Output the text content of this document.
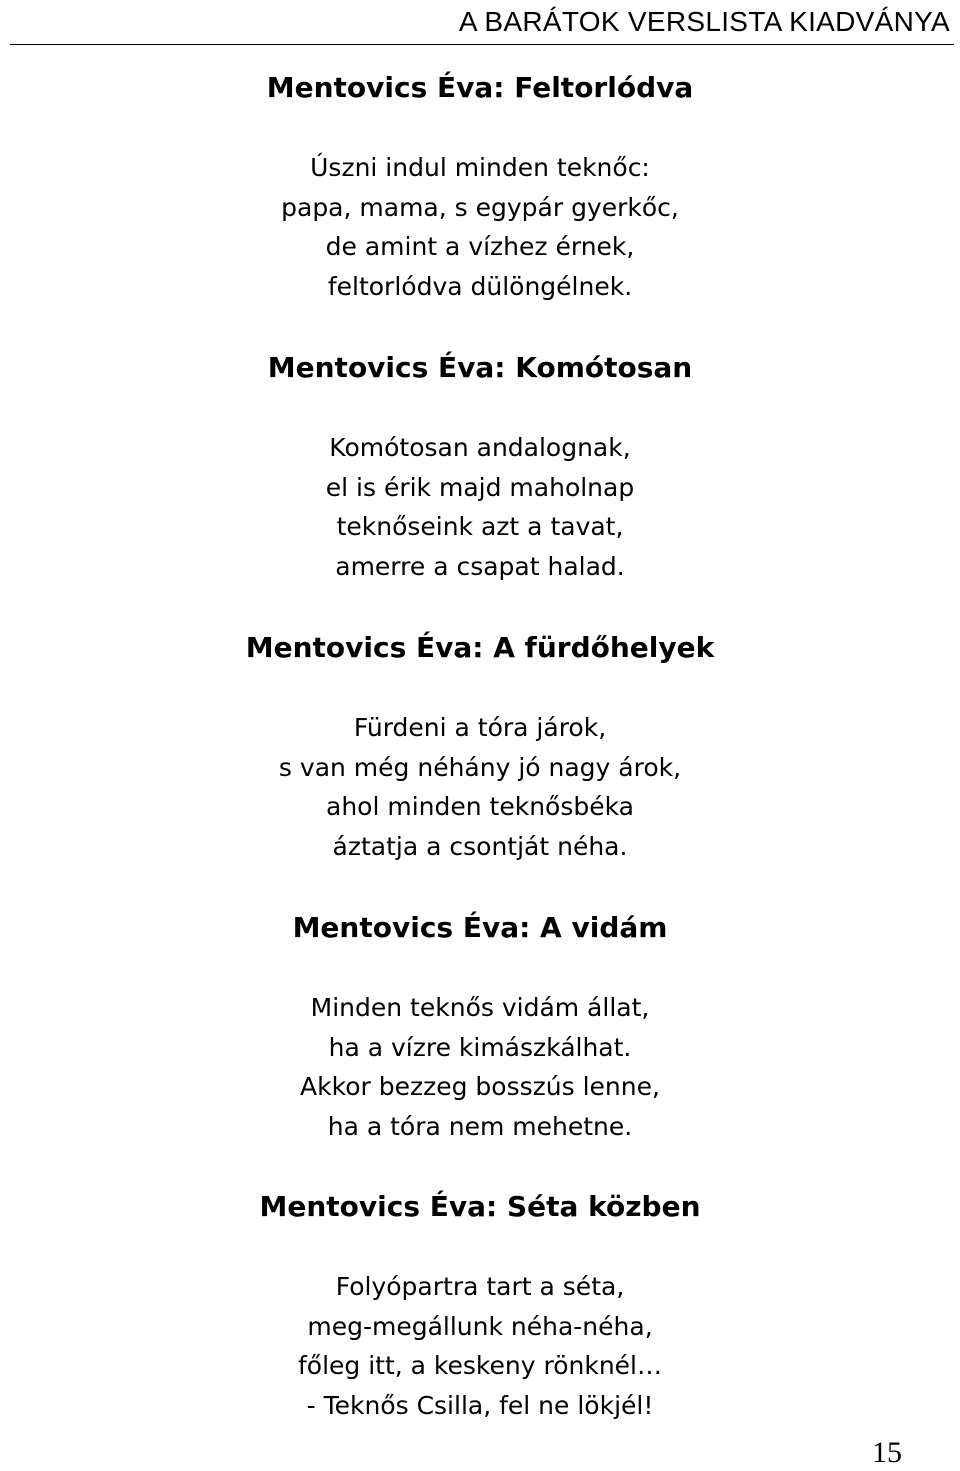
A BARÁTOK VERSLISTA KIADVÁNYA
Mentovics Éva: Feltorlódva
Úszni indul minden teknőc:
papa, mama, s egypár gyerkőc,
de amint a vízhez érnek,
feltorlódva dülöngélnek.
Mentovics Éva: Komótosan
Komótosan andalognak,
el is érik majd maholnap
teknőseink azt a tavat,
amerre a csapat halad.
Mentovics Éva: A fürdőhelyek
Fürdeni a tóra járok,
s van még néhány jó nagy árok,
ahol minden teknősbéka
áztatja a csontját néha.
Mentovics Éva: A vidám
Minden teknős vidám állat,
ha a vízre kimászkálhat.
Akkor bezzeg bosszús lenne,
ha a tóra nem mehetne.
Mentovics Éva: Séta közben
Folyópartra tart a séta,
meg-megállunk néha-néha,
főleg itt, a keskeny rönknél…
- Teknős Csilla, fel ne lökjél!
15
